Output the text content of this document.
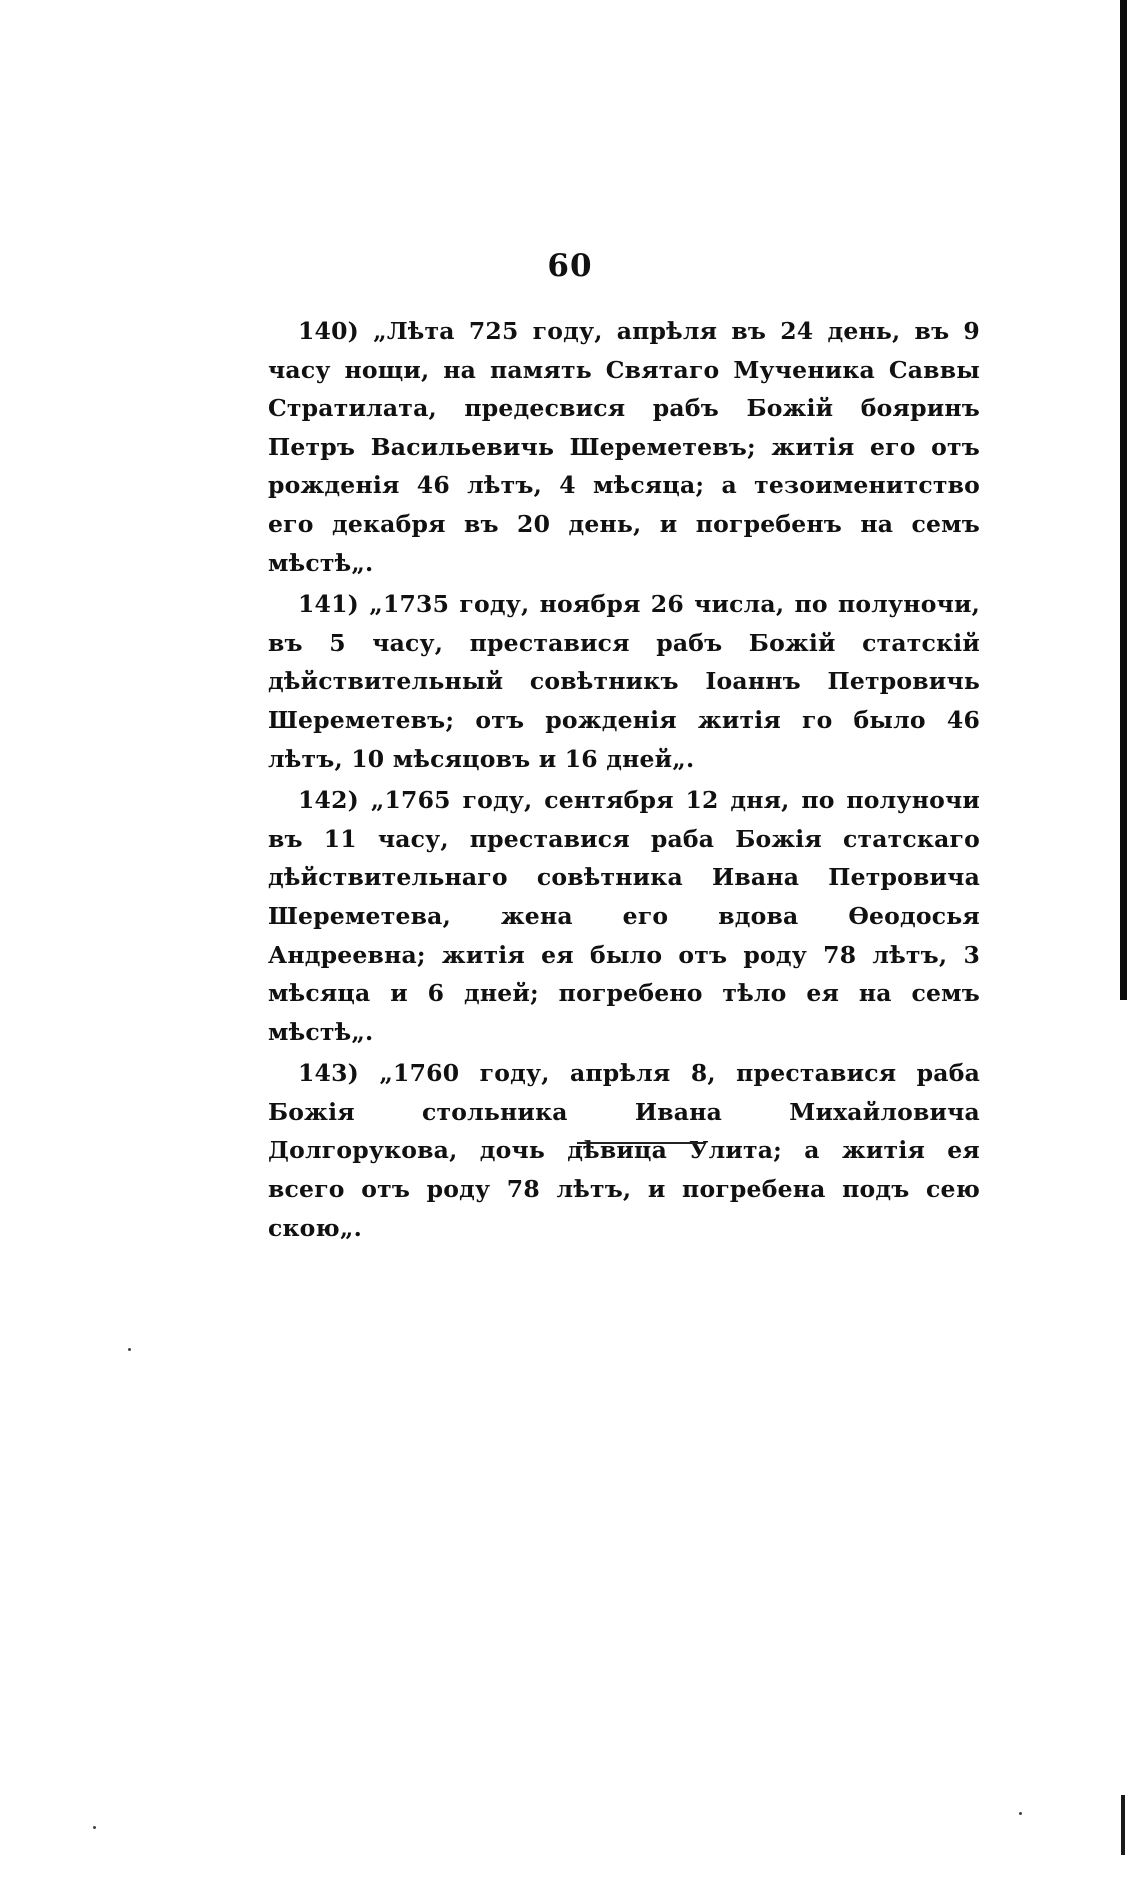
60

140) „Лѣта 725 году, апрѣля въ 24 день, въ 9 часу нощи, на память Святаго Мученика Саввы Стратилата, предесвися рабъ Божій бояринъ Петръ Васильевичь Шереметевъ; житія его отъ рожденія 46 лѣтъ, 4 мѣсяца; а тезоименитство его декабря въ 20 день, и погребенъ на семъ мѣстѣ„.

141) „1735 году, ноября 26 числа, по полуночи, въ 5 часу, преставися рабъ Божій статскій дѣйствительный совѣтникъ Іоаннъ Петровичь Шереметевъ; отъ рожденія житія го было 46 лѣтъ, 10 мѣсяцовъ и 16 дней„.

142) „1765 году, сентября 12 дня, по полуночи въ 11 часу, преставися раба Божія статскаго дѣйствительнаго совѣтника Ивана Петровича Шереметева, жена его вдова Ѳеодосья Андреевна; житія ея было отъ роду 78 лѣтъ, 3 мѣсяца и 6 дней; погребено тѣло ея на семъ мѣстѣ„.

143) „1760 году, апрѣля 8, преставися раба Божія стольника Ивана Михайловича Долгорукова, дочь дѣвица Улита; а житія ея всего отъ роду 78 лѣтъ, и погребена подъ сею скою„.
